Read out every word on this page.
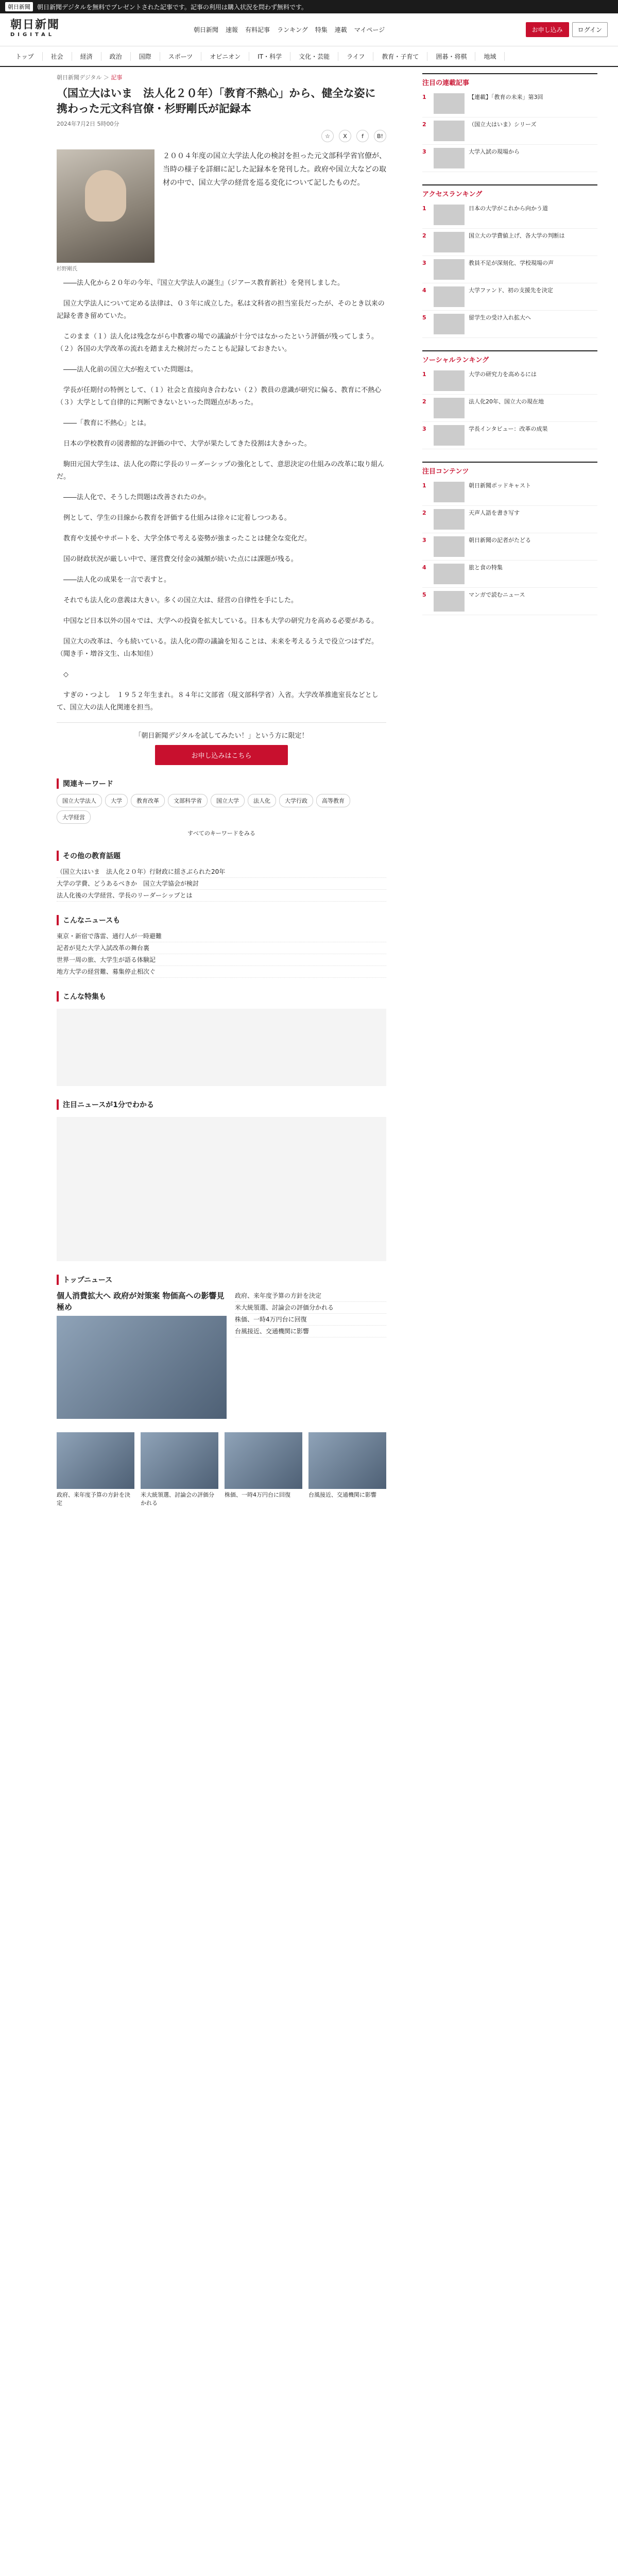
朝日新聞	朝日新聞デジタルを無料でプレゼントされた記事です。記事の利用は購入状況を問わず無料です。
朝日新聞
DIGITAL
朝日新聞 速報 有料記事 ランキング 特集 連載 マイページ	お申し込み	ログイン
トップ	社会	経済	政治	国際	スポーツ	オピニオン	IT・科学	文化・芸能	ライフ	教育・子育て	囲碁・将棋	地域
朝日新聞デジタル ＞ 記事
（国立大はいま　法人化２０年）「教育不熱心」から、健全な姿に　携わった元文科官僚・杉野剛氏が記録本
2024年7月2日 5時00分
☆	X	f	B!
杉野剛氏
２００４年度の国立大学法人化の検討を担った元文部科学省官僚が、当時の様子を詳細に記した記録本を発刊した。政府や国立大などの取材の中で、国立大学の経営を巡る変化について記したものだ。

――法人化から２０年の今年、『国立大学法人の誕生』（ジアース教育新社）を発刊しました。

国立大学法人について定める法律は、０３年に成立した。私は文科省の担当室長だったが、そのとき以来の記録を書き留めていた。

このまま（１）法人化は残念ながら中教審の場での議論が十分ではなかったという評価が残ってしまう。（２）各国の大学改革の流れを踏まえた検討だったことも記録しておきたい。

――法人化前の国立大が抱えていた問題は。

学長が任期付の特例として、（１）社会と直接向き合わない（２）教員の意識が研究に偏る、教育に不熱心（３）大学として自律的に判断できないといった問題点があった。

――「教育に不熱心」とは。

日本の学校教育の図書館的な評価の中で、大学が果たしてきた役割は大きかった。

駒田元国大学生は、法人化の際に学長のリーダーシップの強化として、意思決定の仕組みの改革に取り組んだ。

――法人化で、そうした問題は改善されたのか。

例として、学生の目線から教育を評価する仕組みは徐々に定着しつつある。

教育や支援やサポートを、大学全体で考える姿勢が強まったことは健全な変化だ。

国の財政状況が厳しい中で、運営費交付金の減額が続いた点には課題が残る。

――法人化の成果を一言で表すと。

それでも法人化の意義は大きい。多くの国立大は、経営の自律性を手にした。

中国など日本以外の国々では、大学への投資を拡大している。日本も大学の研究力を高める必要がある。

国立大の改革は、今も続いている。法人化の際の議論を知ることは、未来を考えるうえで役立つはずだ。（聞き手・増谷文生、山本知佳）

◇

すぎの・つよし　１９５２年生まれ。８４年に文部省（現文部科学省）入省。大学改革推進室長などとして、国立大の法人化関連を担当。

「朝日新聞デジタルを試してみたい！」という方に限定！

お申し込みはこちら
関連キーワード
国立大学法人	大学	教育改革	文部科学省	国立大学	法人化	大学行政	高等教育
大学経営
すべてのキーワードをみる
その他の教育話題
（国立大はいま　法人化２０年）行財政に揺さぶられた20年
大学の学費、どうあるべきか　国立大学協会が検討
法人化後の大学経営、学長のリーダーシップとは
こんなニュースも
東京・新宿で落雷、通行人が一時避難
記者が見た大学入試改革の舞台裏
世界一周の旅、大学生が語る体験記
地方大学の経営難、募集停止相次ぐ
こんな特集も
注目ニュースが1分でわかる
トップニュース
個人消費拡大へ 政府が対策案 物価高への影響見極め
政府、来年度予算の方針を決定
米大統領選、討論会の評価分かれる
株価、一時4万円台に回復
台風接近、交通機関に影響

政府、来年度予算の方針を決定

米大統領選、討論会の評価分かれる

株価、一時4万円台に回復	台風接近、交通機関に影響

注目の連載記事
1	【連載】「教育の未来」第3回
2	（国立大はいま）シリーズ
3	大学入試の現場から
アクセスランキング
1	日本の大学がこれから向かう道
2	国立大の学費値上げ、各大学の判断は
3	教員不足が深刻化、学校現場の声
4	大学ファンド、初の支援先を決定
5	留学生の受け入れ拡大へ
ソーシャルランキング
1	大学の研究力を高めるには
2	法人化20年、国立大の現在地
3	学長インタビュー：改革の成果
注目コンテンツ
1	朝日新聞ポッドキャスト
2	天声人語を書き写す
3	朝日新聞の記者がたどる
4	旅と食の特集
5	マンガで読むニュース
